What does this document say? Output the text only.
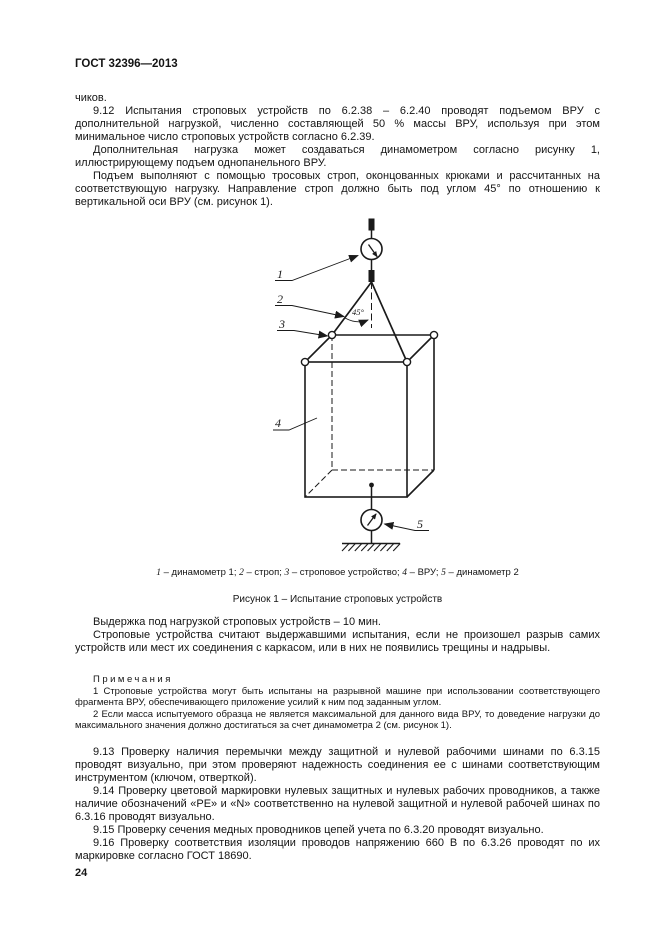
ГОСТ 32396—2013

чиков.

9.12 Испытания строповых устройств по 6.2.38 – 6.2.40 проводят подъемом ВРУ с дополнительной нагрузкой, численно составляющей 50 % массы ВРУ, используя при этом минимальное число строповых устройств согласно 6.2.39.

Дополнительная нагрузка может создаваться динамометром согласно рисунку 1, иллюстрирующему подъем однопанельного ВРУ.

Подъем выполняют с помощью тросовых строп, оконцованных крюками и рассчитанных на соответствующую нагрузку. Направление строп должно быть под углом 45° по отношению к вертикальной оси ВРУ (см. рисунок 1).

1
2
3
4
5
45°

1 – динамометр 1; 2 – строп; 3 – строповое устройство; 4 – ВРУ; 5 – динамометр 2

Рисунок 1 – Испытание строповых устройств

Выдержка под нагрузкой строповых устройств – 10 мин.

Строповые устройства считают выдержавшими испытания, если не произошел разрыв самих устройств или мест их соединения с каркасом, или в них не появились трещины и надрывы.

Примечания

1 Строповые устройства могут быть испытаны на разрывной машине при использовании соответствующего фрагмента ВРУ, обеспечивающего приложение усилий к ним под заданным углом.

2 Если масса испытуемого образца не является максимальной для данного вида ВРУ, то доведение нагрузки до максимального значения должно достигаться за счет динамометра 2 (см. рисунок 1).

9.13 Проверку наличия перемычки между защитной и нулевой рабочими шинами по 6.3.15 проводят визуально, при этом проверяют надежность соединения ее с шинами соответствующим инструментом (ключом, отверткой).

9.14 Проверку цветовой маркировки нулевых защитных и нулевых рабочих проводников, а также наличие обозначений «РЕ» и «N» соответственно на нулевой защитной и нулевой рабочей шинах по 6.3.16 проводят визуально.

9.15 Проверку сечения медных проводников цепей учета по 6.3.20 проводят визуально.

9.16 Проверку соответствия изоляции проводов напряжению 660 В по 6.3.26 проводят по их маркировке согласно ГОСТ 18690.

24
